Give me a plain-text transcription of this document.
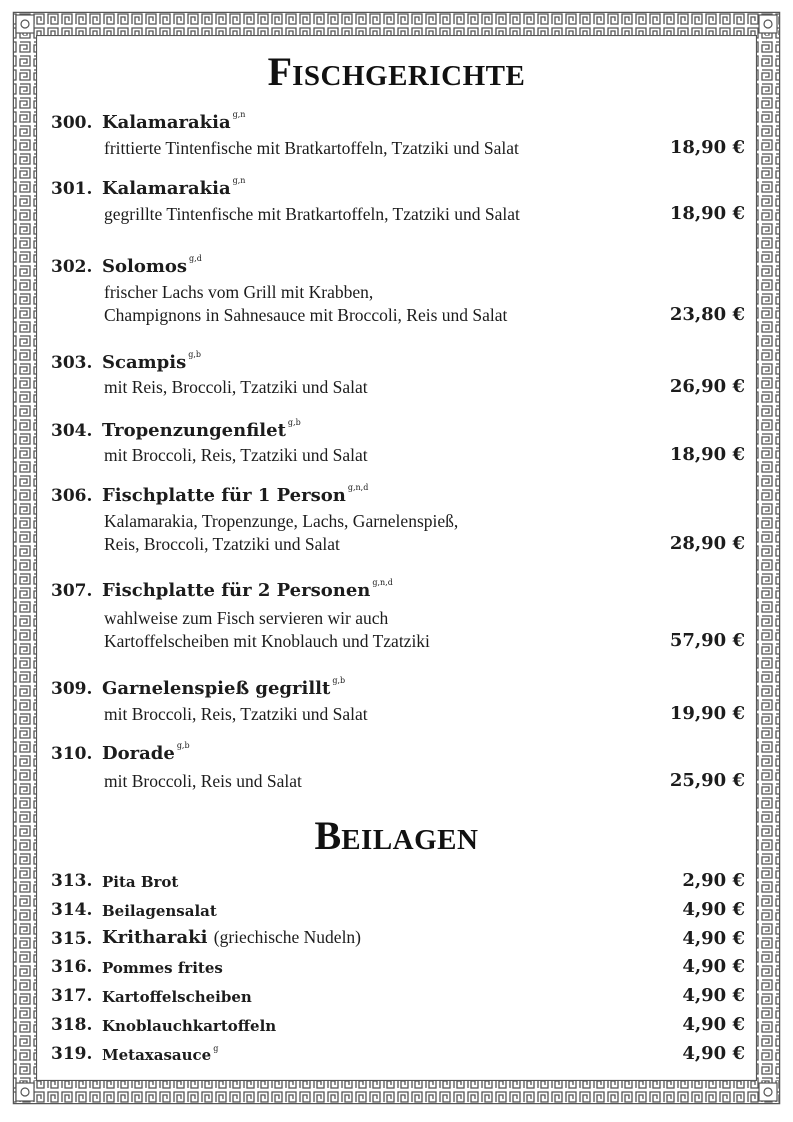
FISCHGERICHTE
BEILAGEN
300. Kalamarakia $^{g,n}$
frittierte Tintenfische mit Bratkartoffeln, Tzatziki und Salat	18,90 €
301. Kalamarakia $^{g,n}$
gegrillte Tintenfische mit Bratkartoffeln, Tzatziki und Salat	18,90 €
302. Solomos $^{g,d}$
frischer Lachs vom Grill mit Krabben,
Champignons in Sahnesauce mit Broccoli, Reis und Salat	23,80 €
303. Scampis $^{g,b}$
mit Reis, Broccoli, Tzatziki und Salat	26,90 €
304. Tropenzungenfilet $^{g,b}$
mit Broccoli, Reis, Tzatziki und Salat	18,90 €
306. Fischplatte für 1 Person $^{g,n,d}$
Kalamarakia, Tropenzunge, Lachs, Garnelenspieß,
Reis, Broccoli, Tzatziki und Salat	28,90 €
307. Fischplatte für 2 Personen $^{g,n,d}$
wahlweise zum Fisch servieren wir auch
Kartoffelscheiben mit Knoblauch und Tzatziki	57,90 €
309. Garnelenspieß gegrillt $^{g,b}$
mit Broccoli, Reis, Tzatziki und Salat	19,90 €
310. Dorade $^{g,b}$
mit Broccoli, Reis und Salat	25,90 €
313. Pita Brot	2,90 €
314. Beilagensalat	4,90 €
315. Kritharaki (griechische Nudeln)	4,90 €
316. Pommes frites	4,90 €
317. Kartoffelscheiben	4,90 €
318. Knoblauchkartoffeln	4,90 €
319. Metaxasauce $^g$	4,90 €
